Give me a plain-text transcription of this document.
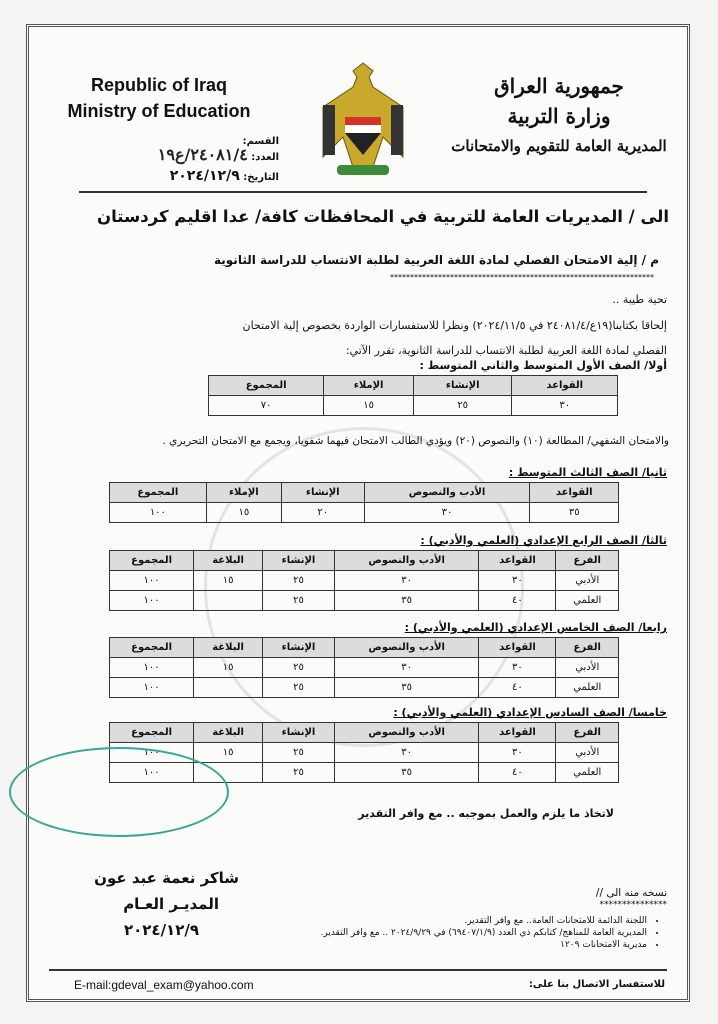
Republic of Iraq
Ministry of Education
القسم:
العدد: ٢٤٠٨١/٤/ع١٩
التاريخ: ٢٠٢٤/١٢/٩
جمهورية العراق
وزارة التربية
المديرية العامة للتقويم والامتحانات
الى / المديريات العامة للتربية في المحافظات كافة/ عدا اقليم كردستان
م / إلية الامتحان الفصلي لمادة اللغة العربية لطلبة الانتساب للدراسة الثانوية
******************************************************************
تحية طيبة ..
إلحاقا بكتابنا(١٩ع/٢٤٠٨١/٤ في ٢٠٢٤/١١/٥) ونظرا للاستفسارات الواردة بخصوص إلية الامتحان
الفصلي لمادة اللغة العربية لطلبة الانتساب للدراسة الثانوية، تقرر الآتي:
والامتحان الشفهي/ المطالعة (١٠) والنصوص (٢٠) ويؤدي الطالب الامتحان فيهما شفويا، ويجمع مع الامتحان التحريري .
أولا/ الصف الأول المتوسط والثاني المتوسط :
القواعد	الإنشاء	الإملاء	المجموع
٣٠	٢٥	١٥	٧٠
ثانيا/ الصف الثالث المتوسط :
القواعد	الأدب والنصوص	الإنشاء	الإملاء	المجموع
٣٥	٣٠	٢٠	١٥	١٠٠
ثالثا/ الصف الرابع الإعدادي (العلمي والأدبي) :
الفرع	القواعد	الأدب والنصوص	الإنشاء	البلاغة	المجموع
الأدبي	٣٠	٣٠	٢٥	١٥	١٠٠
العلمي	٤٠	٣٥	٢٥		١٠٠
رابعا/ الصف الخامس الإعدادي (العلمي والأدبي) :
الفرع	القواعد	الأدب والنصوص	الإنشاء	البلاغة	المجموع
الأدبي	٣٠	٣٠	٢٥	١٥	١٠٠
العلمي	٤٠	٣٥	٢٥		١٠٠
خامسا/ الصف السادس الإعدادي (العلمي والأدبي) :
الفرع	القواعد	الأدب والنصوص	الإنشاء	البلاغة	المجموع
الأدبي	٣٠	٣٠	٢٥	١٥	١٠٠
العلمي	٤٠	٣٥	٢٥		١٠٠
لاتخاذ ما يلزم والعمل بموجبه .. مع وافر التقدير
شاكر نعمة عبد عون
المديـر العـام
٢٠٢٤/١٢/٩
نسخه منه الى //
***************
• اللجنة الدائمة للامتحانات العامة.. مع وافر التقدير.
• المديرية العامة للمناهج/ كتابكم ذي العدد (٦٩٤٠٧/١/٩) في ٢٠٢٤/٩/٢٩ .. مع وافر التقدير.
• مديرية الامتحانات ١٢٠٩
E-mail:gdeval_exam@yahoo.com	للاستفسار الاتصال بنا على:
